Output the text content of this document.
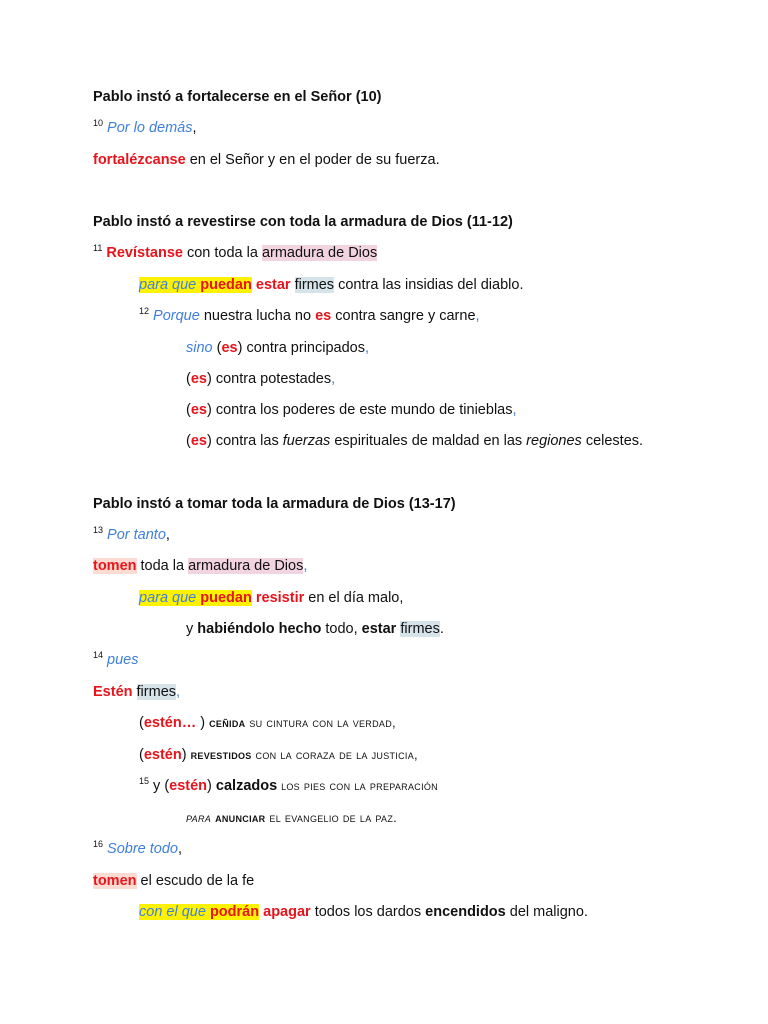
Pablo instó a fortalecerse en el Señor (10)
$^{10}$ Por lo demás,
fortalézcanse en el Señor y en el poder de su fuerza.
Pablo instó a revestirse con toda la armadura de Dios (11-12)
$^{11}$ Revístanse con toda la armadura de Dios
para que puedan estar firmes contra las insidias del diablo.
$^{12}$ Porque nuestra lucha no es contra sangre y carne,
sino (es) contra principados,
(es) contra potestades,
(es) contra los poderes de este mundo de tinieblas,
(es) contra las fuerzas espirituales de maldad en las regiones celestes.
Pablo instó a tomar toda la armadura de Dios (13-17)
$^{13}$ Por tanto,
tomen toda la armadura de Dios,
para que puedan resistir en el día malo,
y habiéndolo hecho todo, estar firmes.
$^{14}$ pues
Estén firmes,
(estén… ) ceñida su cintura con la verdad,
(estén) revestidos con la coraza de la justicia,
$^{15}$ y (estén) calzados los pies con la preparación
para anunciar el evangelio de la paz.
$^{16}$ Sobre todo,
tomen el escudo de la fe
con el que podrán apagar todos los dardos encendidos del maligno.
